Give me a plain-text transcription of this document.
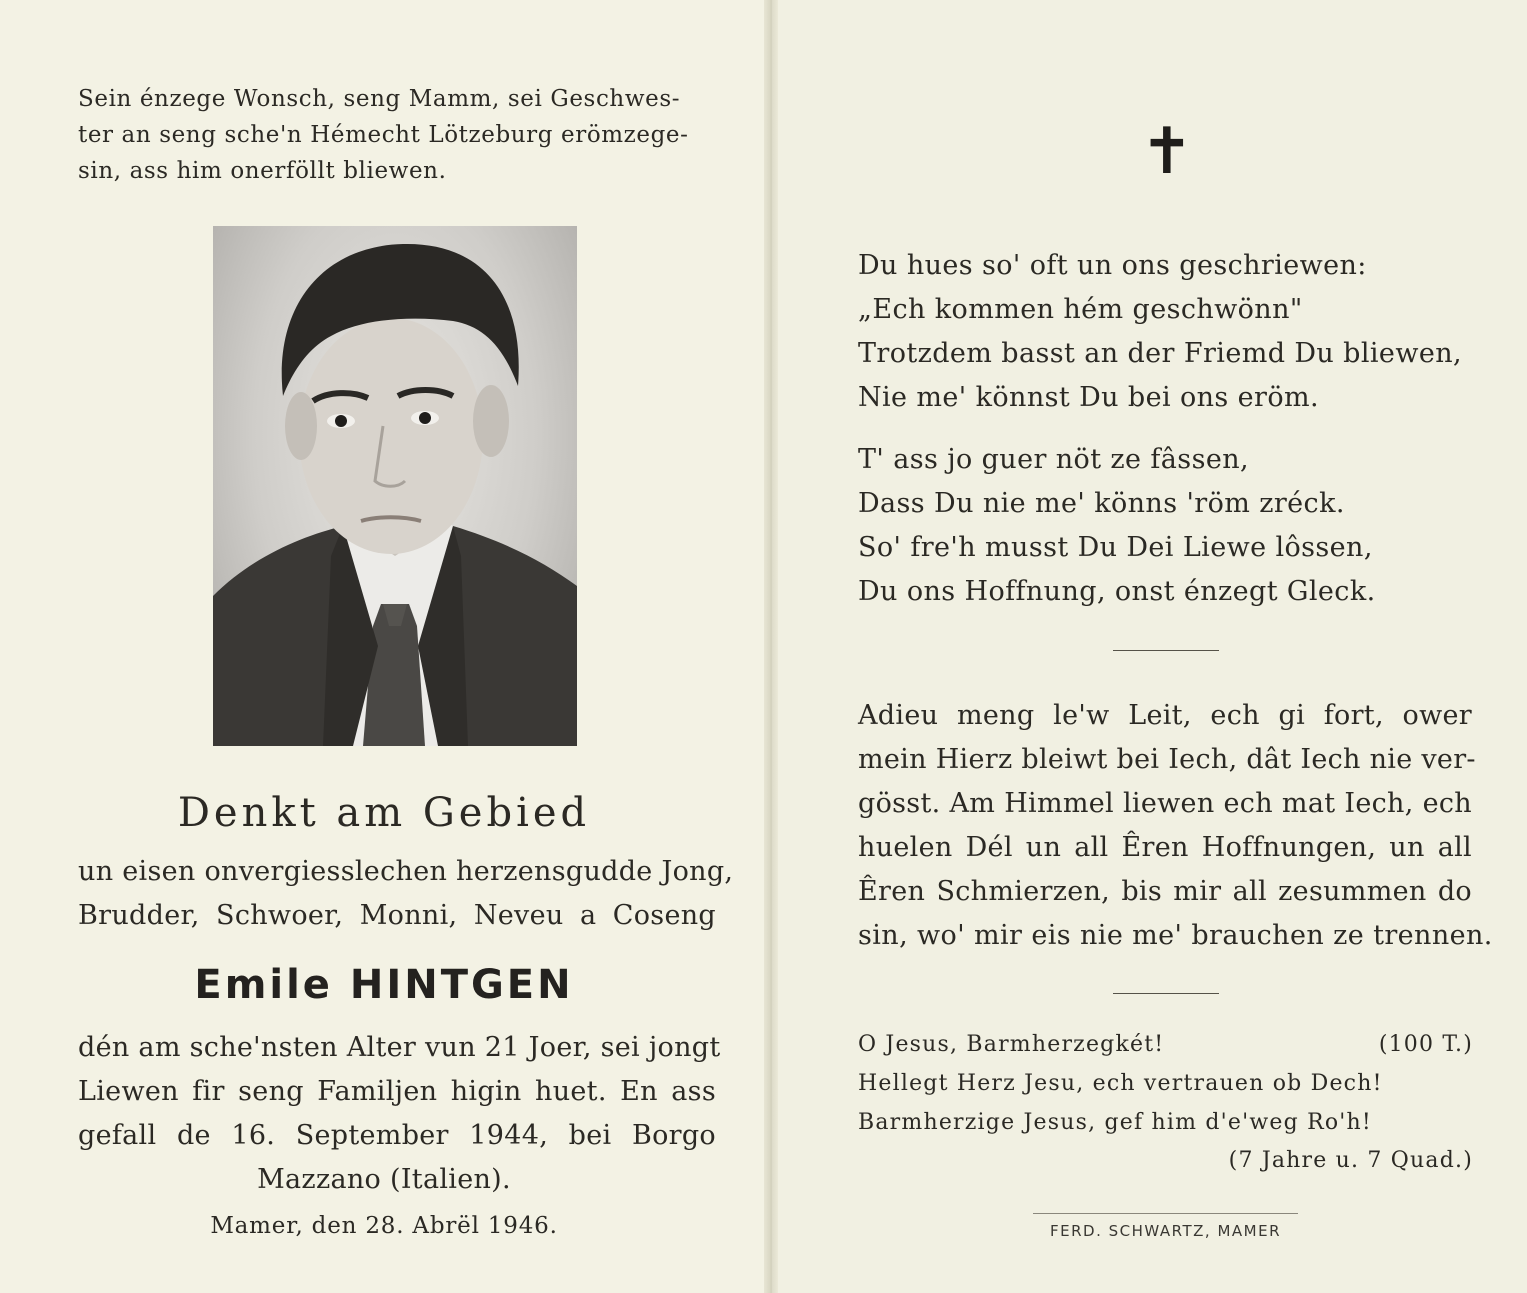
Sein énzege Wonsch, seng Mamm, sei Geschwes-

ter an seng sche'n Hémecht Lötzeburg erömzege-

sin, ass him onerföllt bliewen.

Denkt am Gebied

un eisen onvergiesslechen herzensgudde Jong,

Brudder, Schwoer, Monni, Neveu a Coseng

Emile HINTGEN

dén am sche'nsten Alter vun 21 Joer, sei jongt

Liewen fir seng Familjen higin huet. En ass

gefall de 16. September 1944, bei Borgo

Mazzano (Italien).

Mamer, den 28. Abrël 1946.

✝

Du hues so' oft un ons geschriewen:

„Ech kommen hém geschwönn"

Trotzdem basst an der Friemd Du bliewen,

Nie me' könnst Du bei ons eröm.

T' ass jo guer nöt ze fâssen,

Dass Du nie me' könns 'röm zréck.

So' fre'h musst Du Dei Liewe lôssen,

Du ons Hoffnung, onst énzegt Gleck.

Adieu meng le'w Leit, ech gi fort, ower

mein Hierz bleiwt bei Iech, dât Iech nie ver-

gösst. Am Himmel liewen ech mat Iech, ech

huelen Dél un all Êren Hoffnungen, un all

Êren Schmierzen, bis mir all zesummen do

sin, wo' mir eis nie me' brauchen ze trennen.

O Jesus, Barmherzegkét!	(100 T.)

Hellegt Herz Jesu, ech vertrauen ob Dech!

Barmherzige Jesus, gef him d'e'weg Ro'h!

(7 Jahre u. 7 Quad.)

FERD. SCHWARTZ, MAMER
